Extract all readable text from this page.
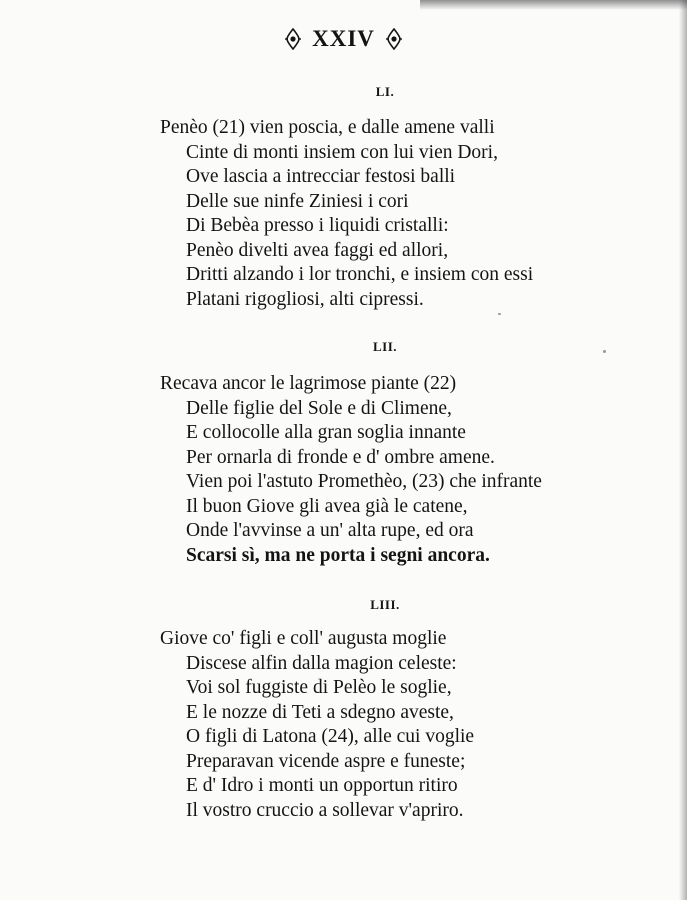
XXIV
LI.
Penèo (21) vien poscia, e dalle amene valli
Cinte di monti insiem con lui vien Dori,
Ove lascia a intrecciar festosi balli
Delle sue ninfe Ziniesi i cori
Di Bebèa presso i liquidi cristalli:
Penèo divelti avea faggi ed allori,
Dritti alzando i lor tronchi, e insiem con essi
Platani rigogliosi, alti cipressi.
LII.
Recava ancor le lagrimose piante (22)
Delle figlie del Sole e di Climene,
E collocolle alla gran soglia innante
Per ornarla di fronde e d' ombre amene.
Vien poi l'astuto Promethèo, (23) che infrante
Il buon Giove gli avea già le catene,
Onde l'avvinse a un' alta rupe, ed ora
Scarsi sì, ma ne porta i segni ancora.
LIII.
Giove co' figli e coll' augusta moglie
Discese alfin dalla magion celeste:
Voi sol fuggiste di Pelèo le soglie,
E le nozze di Teti a sdegno aveste,
O figli di Latona (24), alle cui voglie
Preparavan vicende aspre e funeste;
E d' Idro i monti un opportun ritiro
Il vostro cruccio a sollevar v'apriro.
